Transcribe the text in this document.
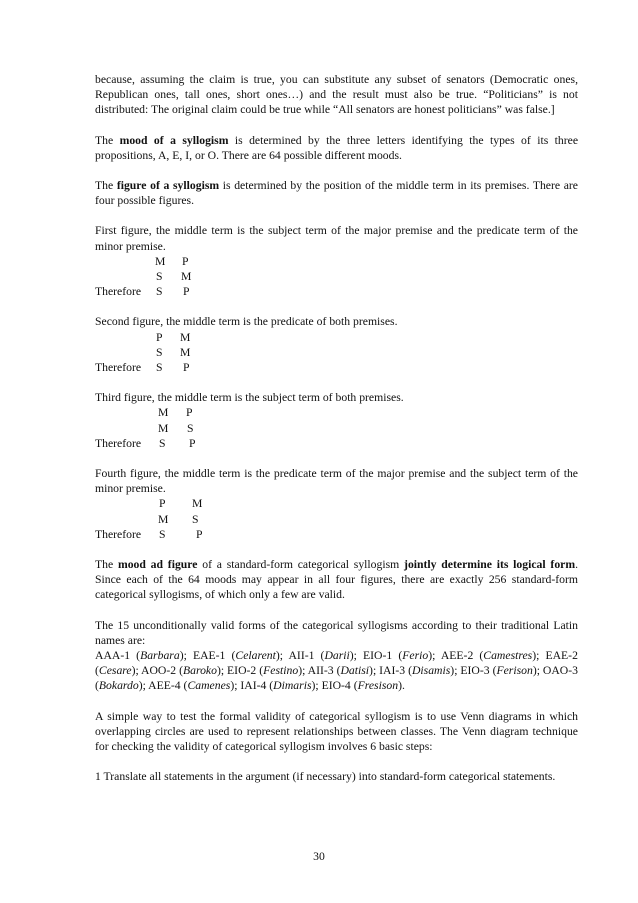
because, assuming the claim is true, you can substitute any subset of senators (Democratic ones, Republican ones, tall ones, short ones…) and the result must also be true. “Politicians” is not distributed: The original claim could be true while “All senators are honest politicians” was false.]

The mood of a syllogism is determined by the three letters identifying the types of its three propositions, A, E, I, or O. There are 64 possible different moods.

The figure of a syllogism is determined by the position of the middle term in its premises. There are four possible figures.

First figure, the middle term is the subject term of the major premise and the predicate term of the minor premise.

M P
S M
Therefore S P

Second figure, the middle term is the predicate of both premises.

P M
S M
Therefore S P

Third figure, the middle term is the subject term of both premises.

M P
M S
Therefore S P

Fourth figure, the middle term is the predicate term of the major premise and the subject term of the minor premise.

P M
M S
Therefore S	P

The mood ad figure of a standard-form categorical syllogism jointly determine its logical form. Since each of the 64 moods may appear in all four figures, there are exactly 256 standard-form categorical syllogisms, of which only a few are valid.

The 15 unconditionally valid forms of the categorical syllogisms according to their traditional Latin names are:
AAA-1 (Barbara); EAE-1 (Celarent); AII-1 (Darii); EIO-1 (Ferio); AEE-2 (Camestres); EAE-2 (Cesare); AOO-2 (Baroko); EIO-2 (Festino); AII-3 (Datisi); IAI-3 (Disamis); EIO-3 (Ferison); OAO-3 (Bokardo); AEE-4 (Camenes); IAI-4 (Dimaris); EIO-4 (Fresison).

A simple way to test the formal validity of categorical syllogism is to use Venn diagrams in which overlapping circles are used to represent relationships between classes. The Venn diagram technique for checking the validity of categorical syllogism involves 6 basic steps:

1 Translate all statements in the argument (if necessary) into standard-form categorical statements.

30
